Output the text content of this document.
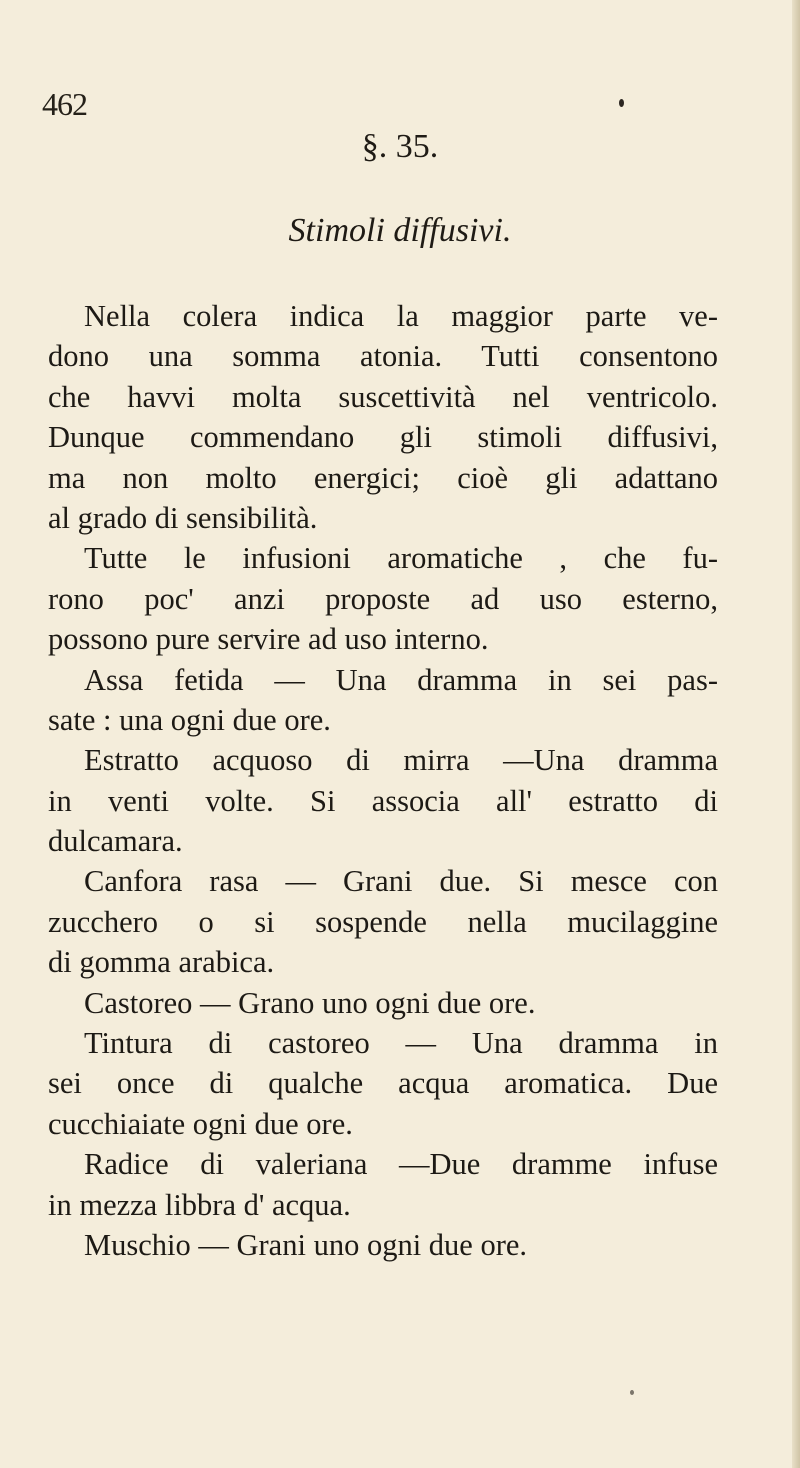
462
§. 35.
Stimoli diffusivi.
Nella colera indica la maggior parte ve-
dono una somma atonia. Tutti consentono
che havvi molta suscettività nel ventricolo.
Dunque commendano gli stimoli diffusivi,
ma non molto energici; cioè gli adattano
al grado di sensibilità.
Tutte le infusioni aromatiche , che fu-
rono poc' anzi proposte ad uso esterno,
possono pure servire ad uso interno.
Assa fetida — Una dramma in sei pas-
sate : una ogni due ore.
Estratto acquoso di mirra —Una dramma
in venti volte. Si associa all' estratto di
dulcamara.
Canfora rasa — Grani due. Si mesce con
zucchero o si sospende nella mucilaggine
di gomma arabica.
Castoreo — Grano uno ogni due ore.
Tintura di castoreo — Una dramma in
sei once di qualche acqua aromatica. Due
cucchiaiate ogni due ore.
Radice di valeriana —Due dramme infuse
in mezza libbra d' acqua.
Muschio — Grani uno ogni due ore.
